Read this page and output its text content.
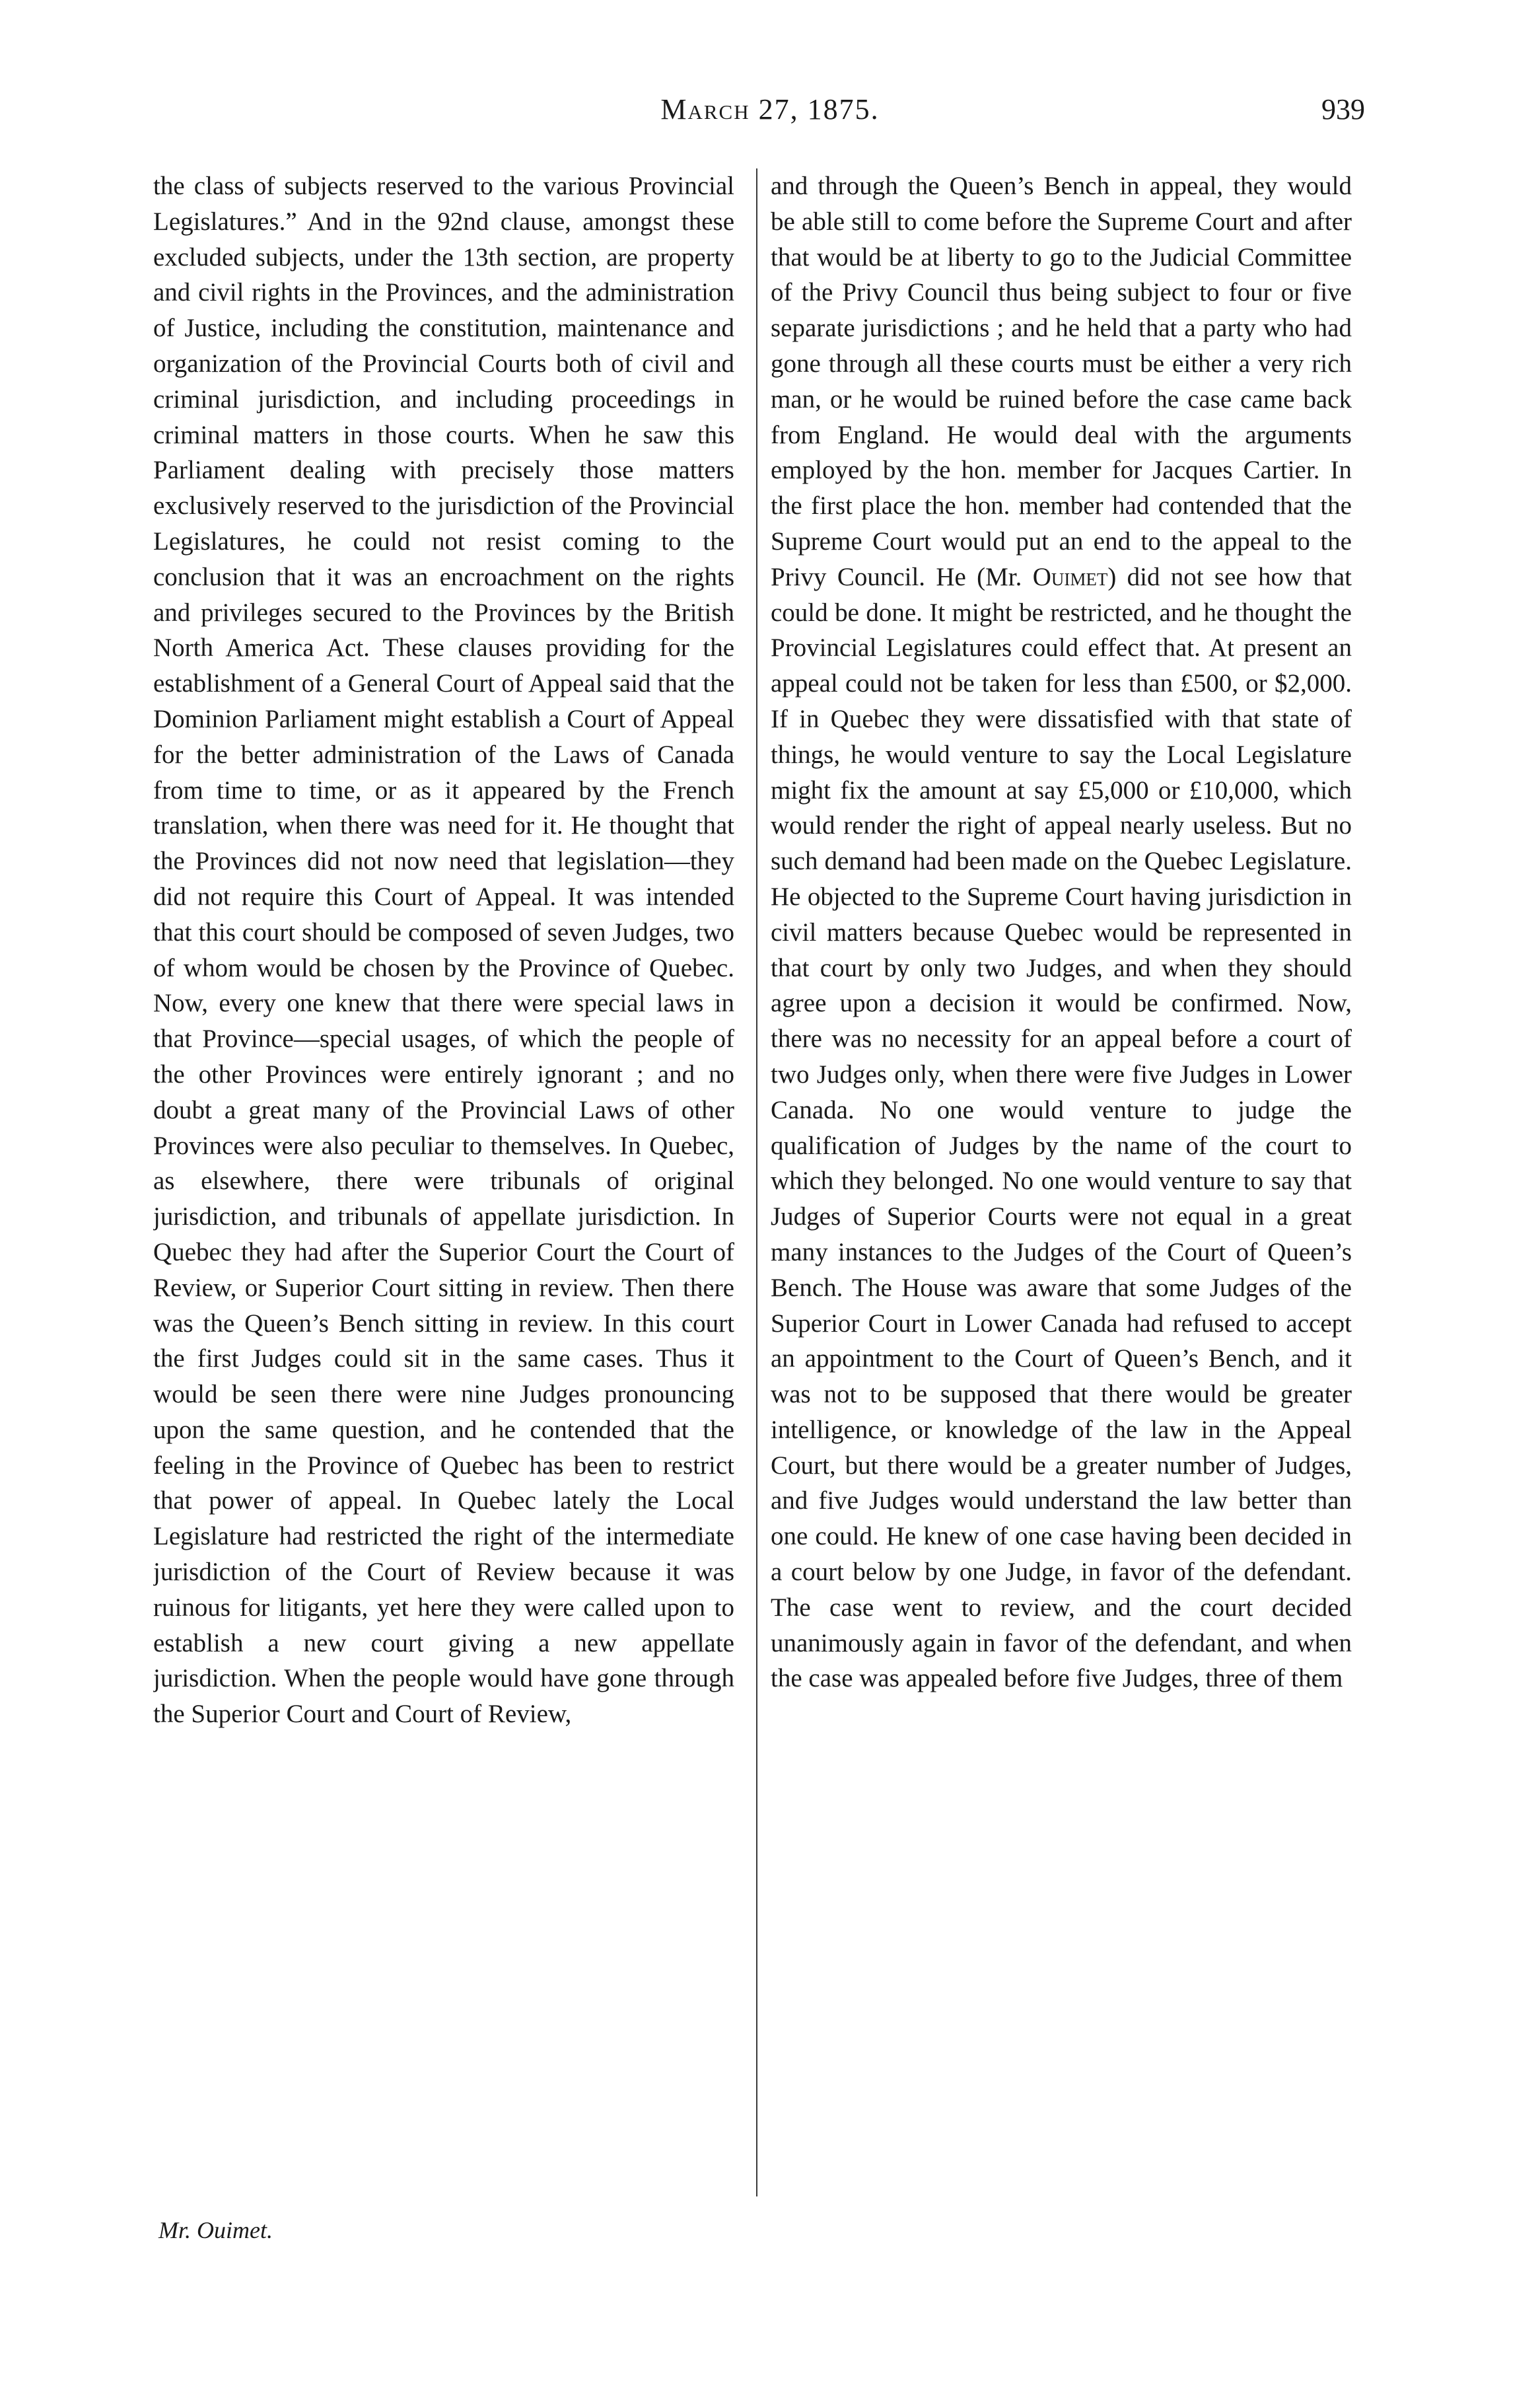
March 27, 1875.	939

the class of subjects reserved to the various Provincial Legislatures.” And in the 92nd clause, amongst these excluded subjects, under the 13th section, are property and civil rights in the Provinces, and the administration of Justice, including the constitution, maintenance and organization of the Provincial Courts both of civil and criminal jurisdiction, and including proceedings in criminal matters in those courts. When he saw this Parliament dealing with precisely those matters exclusively reserved to the jurisdiction of the Provincial Legislatures, he could not resist coming to the conclusion that it was an encroachment on the rights and privileges secured to the Provinces by the British North America Act. These clauses providing for the establishment of a General Court of Appeal said that the Dominion Parliament might establish a Court of Appeal for the better administration of the Laws of Canada from time to time, or as it appeared by the French translation, when there was need for it. He thought that the Provinces did not now need that legislation—they did not require this Court of Appeal. It was intended that this court should be composed of seven Judges, two of whom would be chosen by the Province of Quebec. Now, every one knew that there were special laws in that Province—special usages, of which the people of the other Provinces were entirely ignorant ; and no doubt a great many of the Provincial Laws of other Provinces were also peculiar to themselves. In Quebec, as elsewhere, there were tribunals of original jurisdiction, and tribunals of appellate jurisdiction. In Quebec they had after the Superior Court the Court of Review, or Superior Court sitting in review. Then there was the Queen’s Bench sitting in review. In this court the first Judges could sit in the same cases. Thus it would be seen there were nine Judges pronouncing upon the same question, and he contended that the feeling in the Province of Quebec has been to restrict that power of appeal. In Quebec lately the Local Legislature had restricted the right of the intermediate jurisdiction of the Court of Review because it was ruinous for litigants, yet here they were called upon to establish a new court giving a new appellate jurisdiction. When the people would have gone through the Superior Court and Court of Review,

and through the Queen’s Bench in appeal, they would be able still to come before the Supreme Court and after that would be at liberty to go to the Judicial Committee of the Privy Council thus being subject to four or five separate jurisdictions ; and he held that a party who had gone through all these courts must be either a very rich man, or he would be ruined before the case came back from England. He would deal with the arguments employed by the hon. member for Jacques Cartier. In the first place the hon. member had contended that the Supreme Court would put an end to the appeal to the Privy Council. He (Mr. Ouimet) did not see how that could be done. It might be restricted, and he thought the Provincial Legislatures could effect that. At present an appeal could not be taken for less than £500, or $2,000. If in Quebec they were dissatisfied with that state of things, he would venture to say the Local Legislature might fix the amount at say £5,000 or £10,000, which would render the right of appeal nearly useless. But no such demand had been made on the Quebec Legislature. He objected to the Supreme Court having jurisdiction in civil matters because Quebec would be represented in that court by only two Judges, and when they should agree upon a decision it would be confirmed. Now, there was no necessity for an appeal before a court of two Judges only, when there were five Judges in Lower Canada. No one would venture to judge the qualification of Judges by the name of the court to which they belonged. No one would venture to say that Judges of Superior Courts were not equal in a great many instances to the Judges of the Court of Queen’s Bench. The House was aware that some Judges of the Superior Court in Lower Canada had refused to accept an appointment to the Court of Queen’s Bench, and it was not to be supposed that there would be greater intelligence, or knowledge of the law in the Appeal Court, but there would be a greater number of Judges, and five Judges would understand the law better than one could. He knew of one case having been decided in a court below by one Judge, in favor of the defendant. The case went to review, and the court decided unanimously again in favor of the defendant, and when the case was appealed before five Judges, three of them

Mr. Ouimet.
